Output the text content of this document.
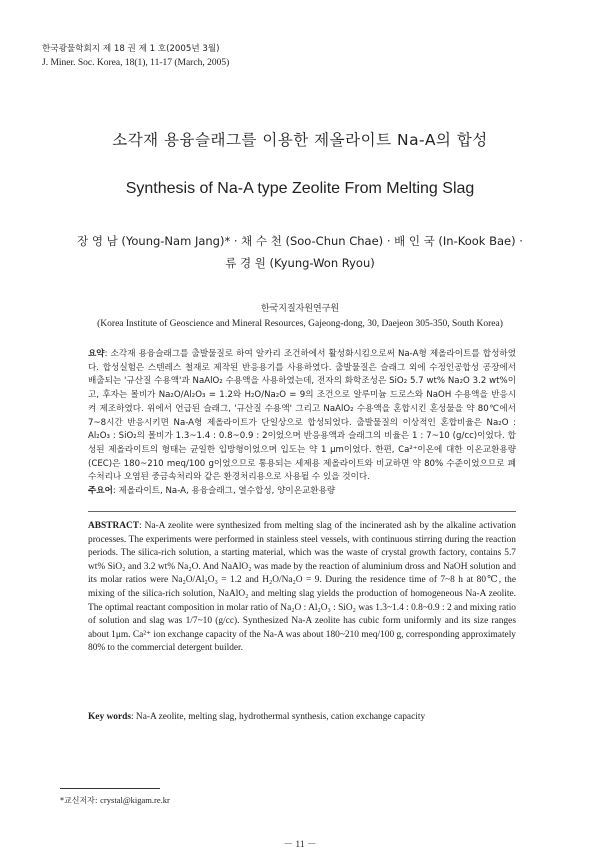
한국광물학회지 제 18 권 제 1 호(2005년 3월)
J. Miner. Soc. Korea, 18(1), 11-17 (March, 2005)
소각재 용융슬래그를 이용한 제올라이트 Na-A의 합성
Synthesis of Na-A type Zeolite From Melting Slag
장 영 남 (Young-Nam Jang)* · 채 수 천 (Soo-Chun Chae) · 배 인 국 (In-Kook Bae) ·
류 경 원 (Kyung-Won Ryou)
한국지질자원연구원
(Korea Institute of Geoscience and Mineral Resources, Gajeong-dong, 30, Daejeon 305-350, South Korea)
요약: 소각재 용융슬래그를 출발물질로 하여 알카리 조건하에서 활성화시킴으로써 Na-A형 제올라이트를 합성하였다. 합성실험은 스텐레스 철재로 제작된 반응용기를 사용하였다. 출발물질은 슬래그 외에 수정인공합성 공장에서 배출되는 '규산질 수용액'과 NaAlO₂ 수용액을 사용하였는데, 전자의 화학조성은 SiO₂ 5.7 wt% Na₂O 3.2 wt%이고, 후자는 몰비가 Na₂O/Al₂O₃ = 1.2와 H₂O/Na₂O = 9의 조건으로 알루미늄 드로스와 NaOH 수용액을 반응시켜 제조하였다. 위에서 언급된 슬래그, '규산질 수용액' 그리고 NaAlO₂ 수용액을 혼합시킨 혼성물을 약 80℃에서 7~8시간 반응시키면 Na-A형 제올라이트가 단일상으로 합성되었다. 출발물질의 이상적인 혼합비율은 Na₂O : Al₂O₃ : SiO₂의 몰비가 1.3~1.4 : 0.8~0.9 : 2이었으며 반응용액과 슬래그의 비율은 1 : 7~10 (g/cc)이었다. 합성된 제올라이트의 형태는 균일한 입방형이었으며 입도는 약 1 μm이었다. 한편, Ca²⁺이온에 대한 이온교환용량(CEC)은 180~210 meq/100 g이었으므로 통용되는 세제용 제올라이트와 비교하면 약 80% 수준이었으므로 폐수처리나 오염된 중금속처리와 같은 환경처리용으로 사용될 수 있을 것이다.
주요어: 제올라이트, Na-A, 용융슬래그, 열수합성, 양이온교환용량
ABSTRACT: Na-A zeolite were synthesized from melting slag of the incinerated ash by the alkaline activation processes. The experiments were performed in stainless steel vessels, with continuous stirring during the reaction periods. The silica-rich solution, a starting material, which was the waste of crystal growth factory, contains 5.7 wt% SiO₂ and 3.2 wt% Na₂O. And NaAlO₂ was made by the reaction of aluminium dross and NaOH solution and its molar ratios were Na₂O/Al₂O₃ = 1.2 and H₂O/Na₂O = 9. During the residence time of 7~8 h at 80℃, the mixing of the silica-rich solution, NaAlO₂ and melting slag yields the production of homogeneous Na-A zeolite. The optimal reactant composition in molar ratio of Na₂O : Al₂O₃ : SiO₂ was 1.3~1.4 : 0.8~0.9 : 2 and mixing ratio of solution and slag was 1/7~10 (g/cc). Synthesized Na-A zeolite has cubic form uniformly and its size ranges about 1μm. Ca²⁺ ion exchange capacity of the Na-A was about 180~210 meq/100 g, corresponding approximately 80% to the commercial detergent builder.
Key words: Na-A zeolite, melting slag, hydrothermal synthesis, cation exchange capacity
*교신저자: crystal@kigam.re.kr
－ 11 －
